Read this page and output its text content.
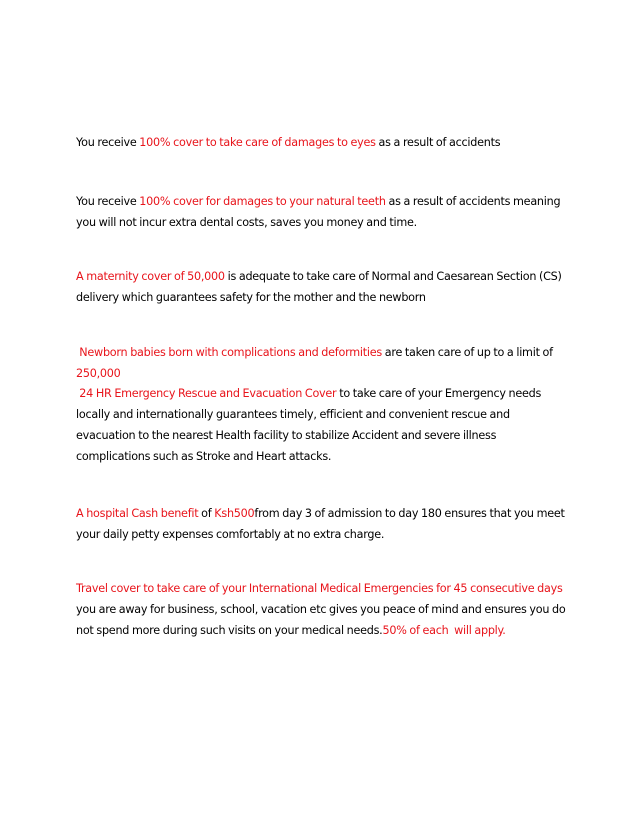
You receive 100% cover to take care of damages to eyes as a result of accidents

You receive 100% cover for damages to your natural teeth as a result of accidents meaning you will not incur extra dental costs, saves you money and time.

A maternity cover of 50,000 is adequate to take care of Normal and Caesarean Section (CS) delivery which guarantees safety for the mother and the newborn

Newborn babies born with complications and deformities are taken care of up to a limit of 250,000

24 HR Emergency Rescue and Evacuation Cover to take care of your Emergency needs locally and internationally guarantees timely, efficient and convenient rescue and evacuation to the nearest Health facility to stabilize Accident and severe illness complications such as Stroke and Heart attacks.

A hospital Cash benefit of Ksh500from day 3 of admission to day 180 ensures that you meet your daily petty expenses comfortably at no extra charge.

Travel cover to take care of your International Medical Emergencies for 45 consecutive days you are away for business, school, vacation etc gives you peace of mind and ensures you do not spend more during such visits on your medical needs.50% of each  will apply.
